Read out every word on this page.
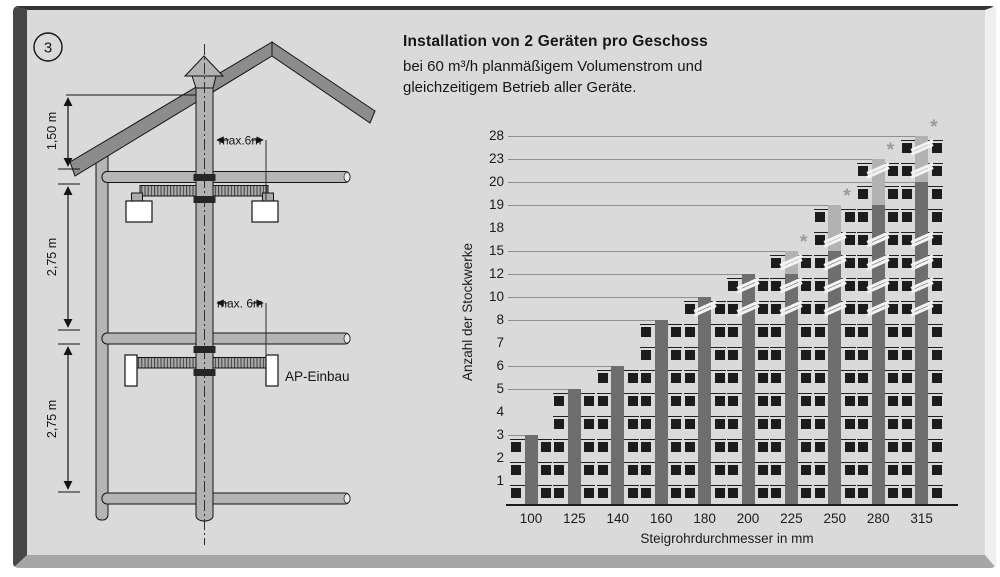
3
1,50 m
2,75 m
2,75 m
max.6m
max. 6m
AP-Einbau
Installation von 2 Geräten pro Geschoss
bei 60 m³/h planmäßigem Volumenstrom und
gleichzeitigem Betrieb aller Geräte.
*
*
*
*
1
2
3
4
5
6
7
8
10
12
15
18
19
20
23
28
100	125	140	160	180	200	225	250	280	315
Steigrohrdurchmesser in mm
Anzahl der Stockwerke
